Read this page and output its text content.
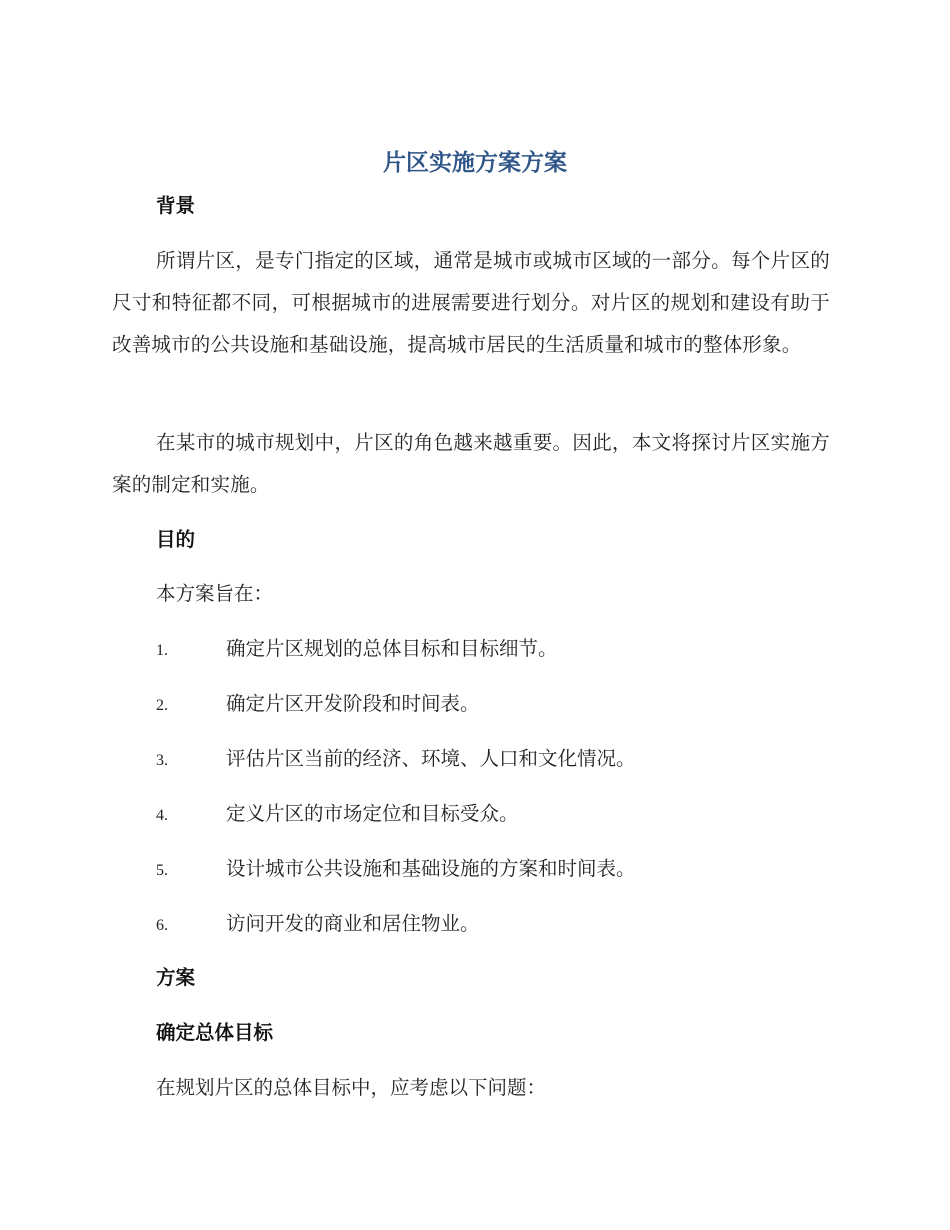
片区实施方案方案
背景

所谓片区，是专门指定的区域，通常是城市或城市区域的一部分。每个片区的尺寸和特征都不同，可根据城市的进展需要进行划分。对片区的规划和建设有助于改善城市的公共设施和基础设施，提高城市居民的生活质量和城市的整体形象。

在某市的城市规划中，片区的角色越来越重要。因此，本文将探讨片区实施方案的制定和实施。

目的

本方案旨在：

1.	确定片区规划的总体目标和目标细节。
2.	确定片区开发阶段和时间表。
3.	评估片区当前的经济、环境、人口和文化情况。
4.	定义片区的市场定位和目标受众。
5.	设计城市公共设施和基础设施的方案和时间表。
6.	访问开发的商业和居住物业。
方案
确定总体目标

在规划片区的总体目标中，应考虑以下问题：
